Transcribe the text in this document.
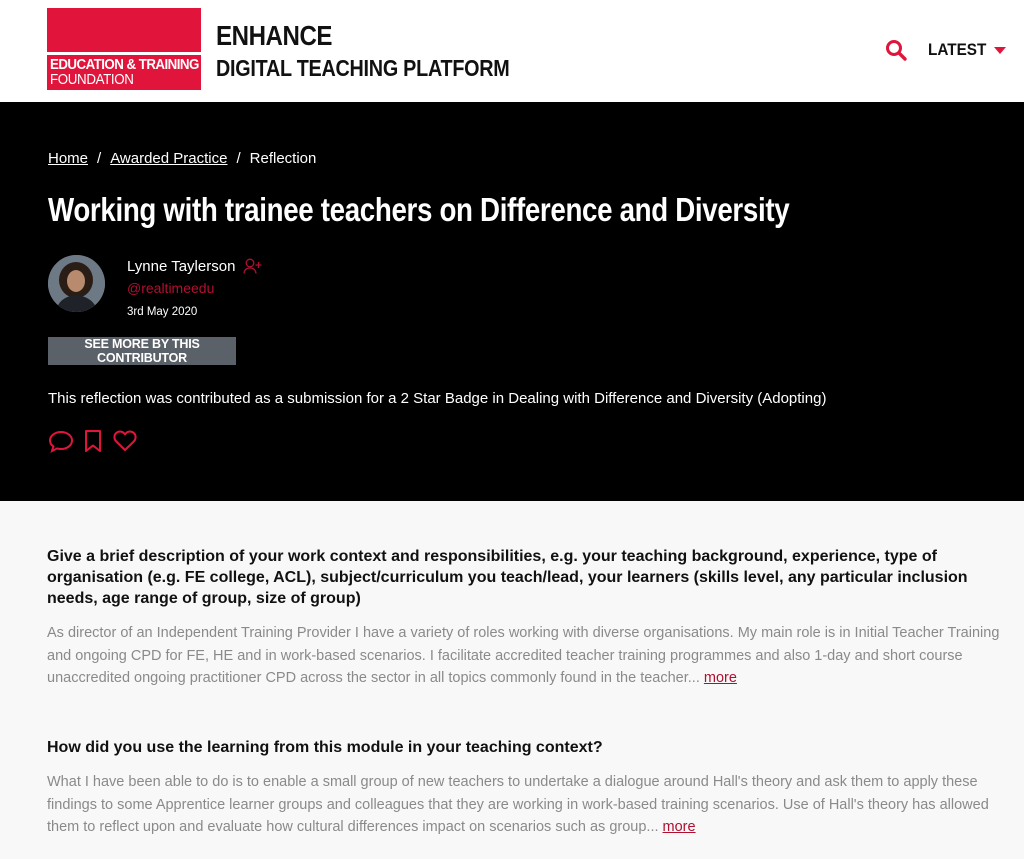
EDUCATION & TRAINING
FOUNDATION
ENHANCE
DIGITAL TEACHING PLATFORM
LATEST
Home / Awarded Practice / Reflection
Working with trainee teachers on Difference and Diversity
Lynne Taylerson
@realtimeedu
3rd May 2020
SEE MORE BY THIS CONTRIBUTOR

This reflection was contributed as a submission for a 2 Star Badge in Dealing with Difference and Diversity (Adopting)

Give a brief description of your work context and responsibilities, e.g. your teaching background, experience, type of organisation (e.g. FE college, ACL), subject/curriculum you teach/lead, your learners (skills level, any particular inclusion needs, age range of group, size of group)

As director of an Independent Training Provider I have a variety of roles working with diverse organisations. My main role is in Initial Teacher Training and ongoing CPD for FE, HE and in work-based scenarios. I facilitate accredited teacher training programmes and also 1-day and short course unaccredited ongoing practitioner CPD across the sector in all topics commonly found in the teacher... more

How did you use the learning from this module in your teaching context?

What I have been able to do is to enable a small group of new teachers to undertake a dialogue around Hall's theory and ask them to apply these findings to some Apprentice learner groups and colleagues that they are working in work-based training scenarios. Use of Hall's theory has allowed them to reflect upon and evaluate how cultural differences impact on scenarios such as group... more
